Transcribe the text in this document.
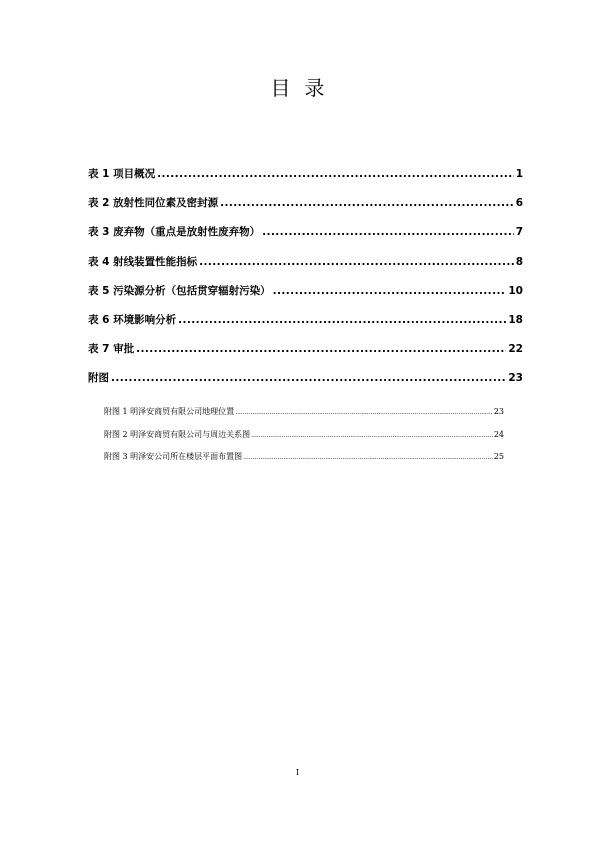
目录
表 1 项目概况 .....	1
表 2 放射性同位素及密封源 .....	6
表 3 废弃物（重点是放射性废弃物） .....	7
表 4 射线装置性能指标 .....	8
表 5 污染源分析（包括贯穿辐射污染） .....	10
表 6 环境影响分析 .....	18
表 7 审批 .....	22
附图 .....	23
附图 1 明泽安商贸有限公司地理位置 .....	23
附图 2 明泽安商贸有限公司与周边关系图 .....	24
附图 3 明泽安公司所在楼层平面布置图 .....	25
I
